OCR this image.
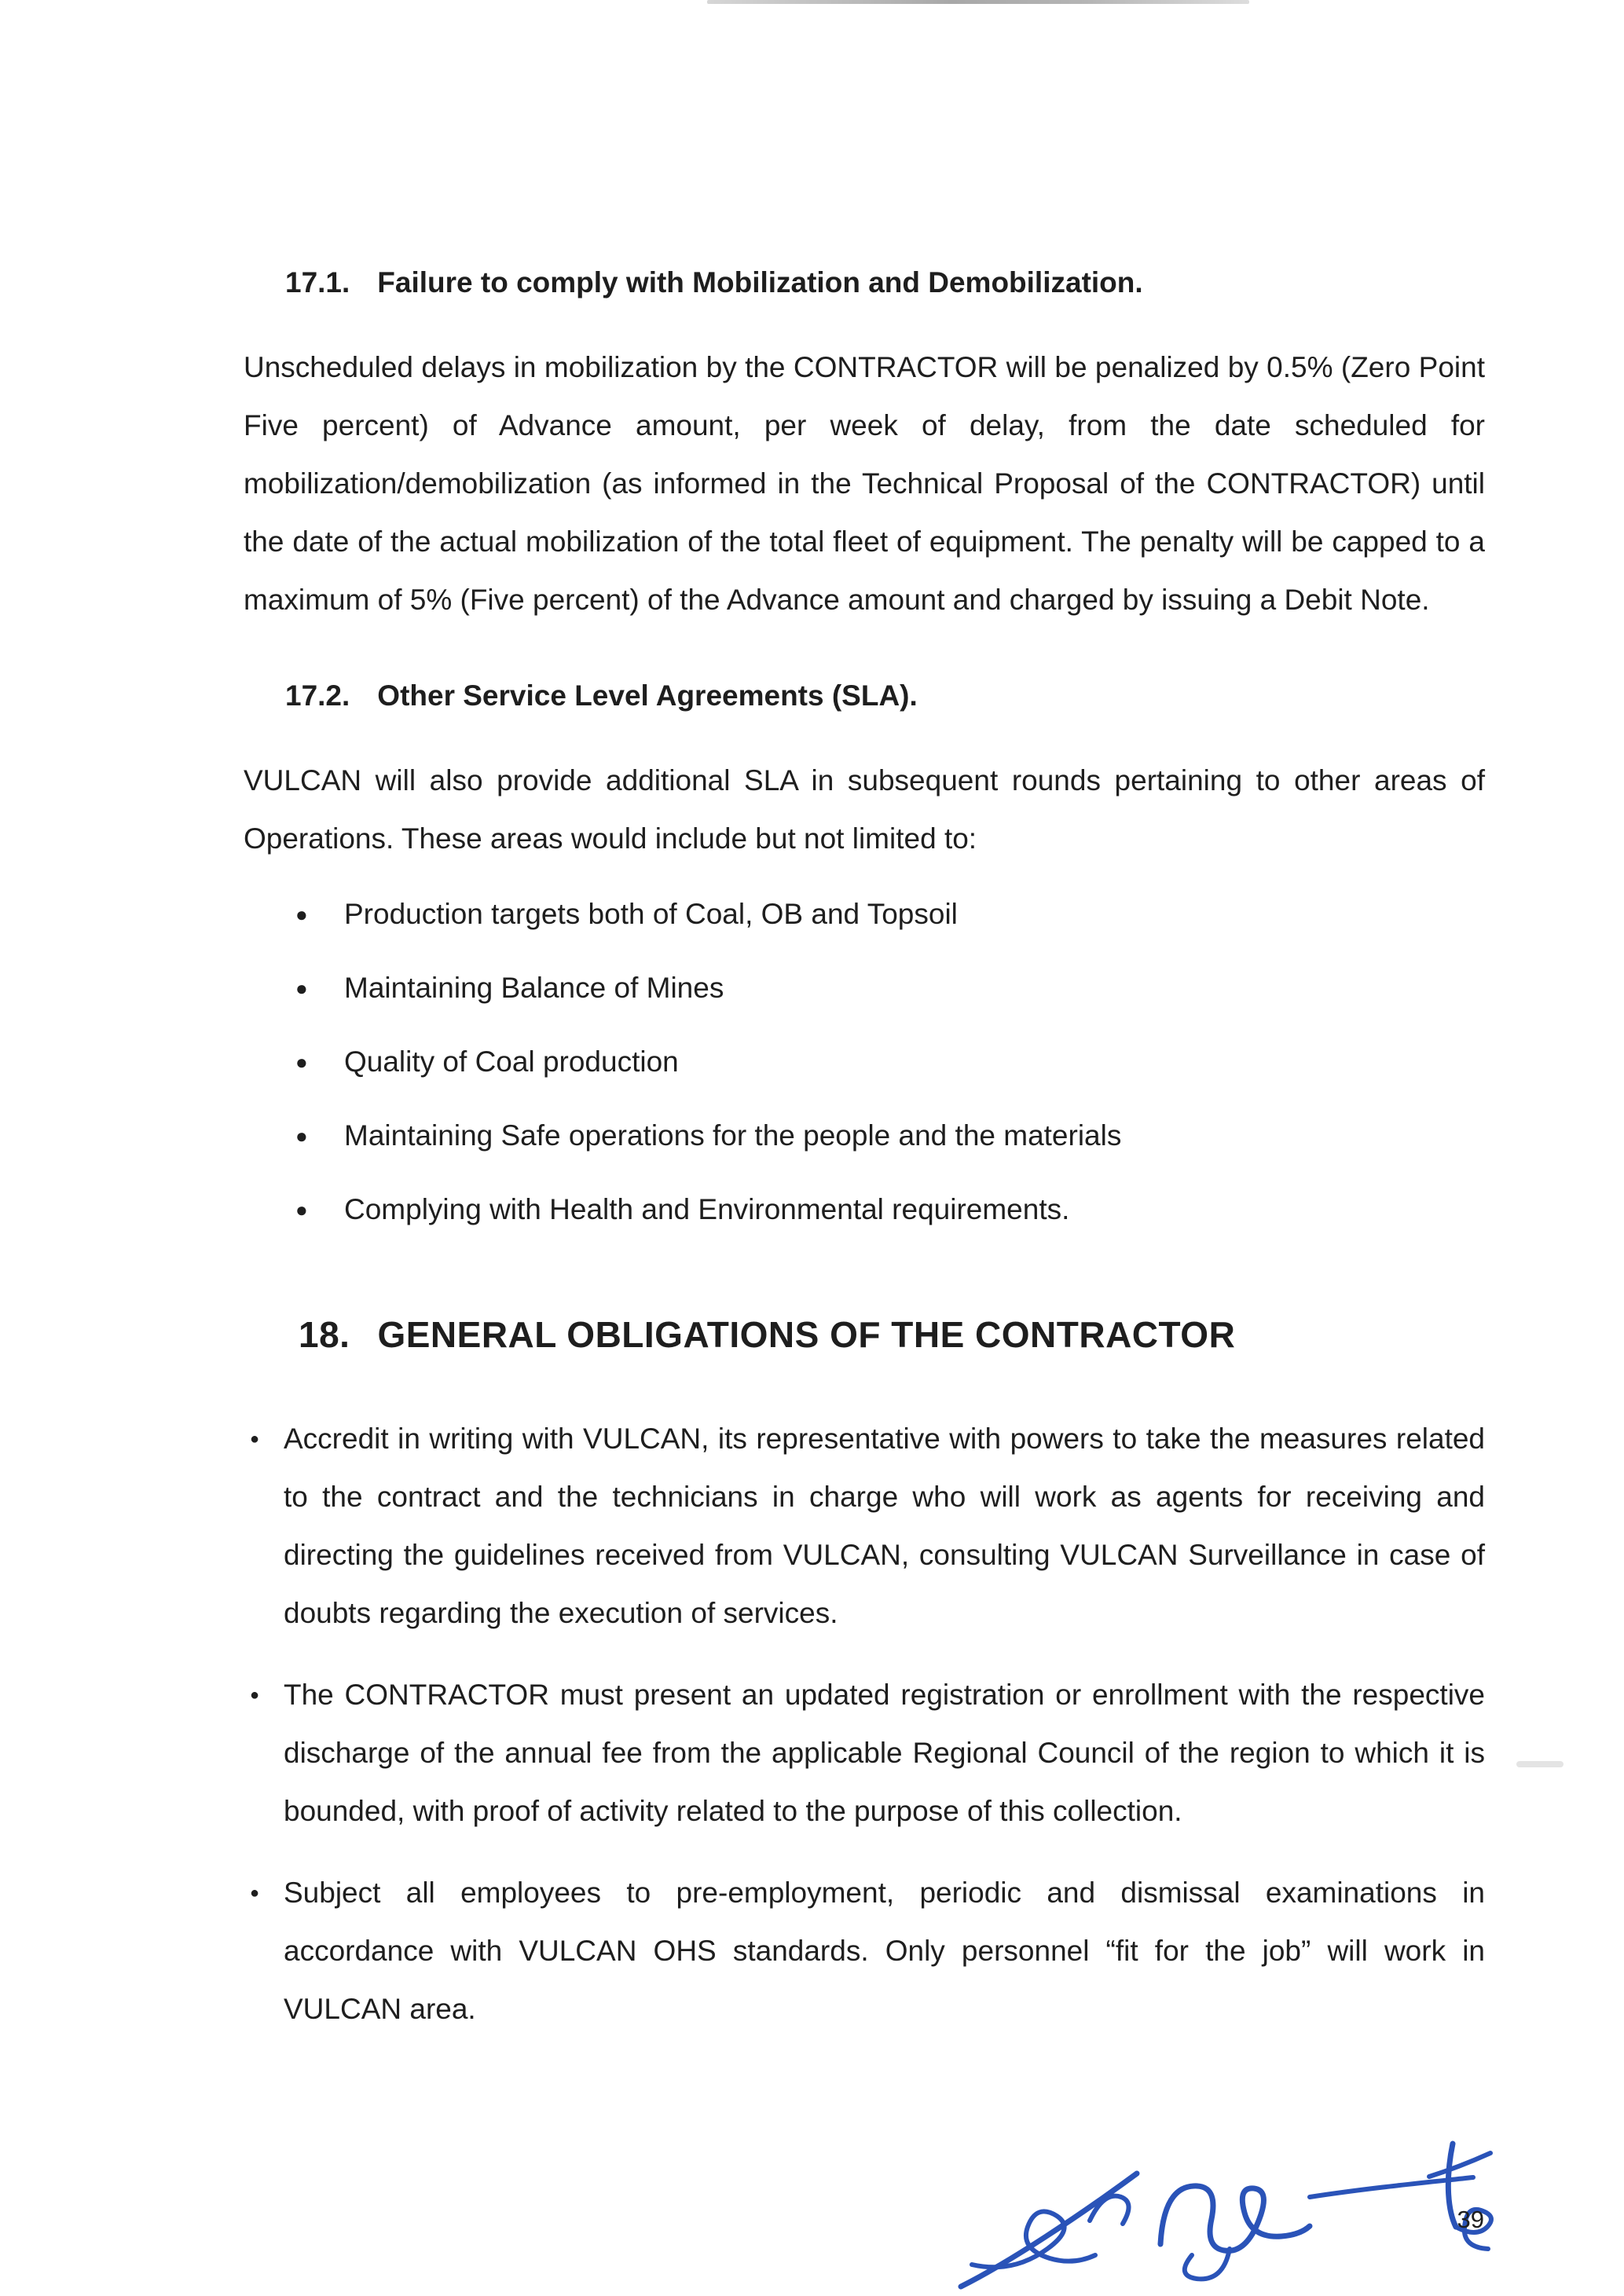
17.1. Failure to comply with Mobilization and Demobilization.
Unscheduled delays in mobilization by the CONTRACTOR will be penalized by 0.5% (Zero Point Five percent) of Advance amount, per week of delay, from the date scheduled for mobilization/demobilization (as informed in the Technical Proposal of the CONTRACTOR) until the date of the actual mobilization of the total fleet of equipment. The penalty will be capped to a maximum of 5% (Five percent) of the Advance amount and charged by issuing a Debit Note.
17.2. Other Service Level Agreements (SLA).
VULCAN will also provide additional SLA in subsequent rounds pertaining to other areas of Operations. These areas would include but not limited to:
●	Production targets both of Coal, OB and Topsoil
●	Maintaining Balance of Mines
●	Quality of Coal production
●	Maintaining Safe operations for the people and the materials
●	Complying with Health and Environmental requirements.
18. GENERAL OBLIGATIONS OF THE CONTRACTOR
● Accredit in writing with VULCAN, its representative with powers to take the measures related to the contract and the technicians in charge who will work as agents for receiving and directing the guidelines received from VULCAN, consulting VULCAN Surveillance in case of doubts regarding the execution of services.
● The CONTRACTOR must present an updated registration or enrollment with the respective discharge of the annual fee from the applicable Regional Council of the region to which it is bounded, with proof of activity related to the purpose of this collection.
● Subject all employees to pre-employment, periodic and dismissal examinations in accordance with VULCAN OHS standards. Only personnel “fit for the job” will work in VULCAN area.
39
